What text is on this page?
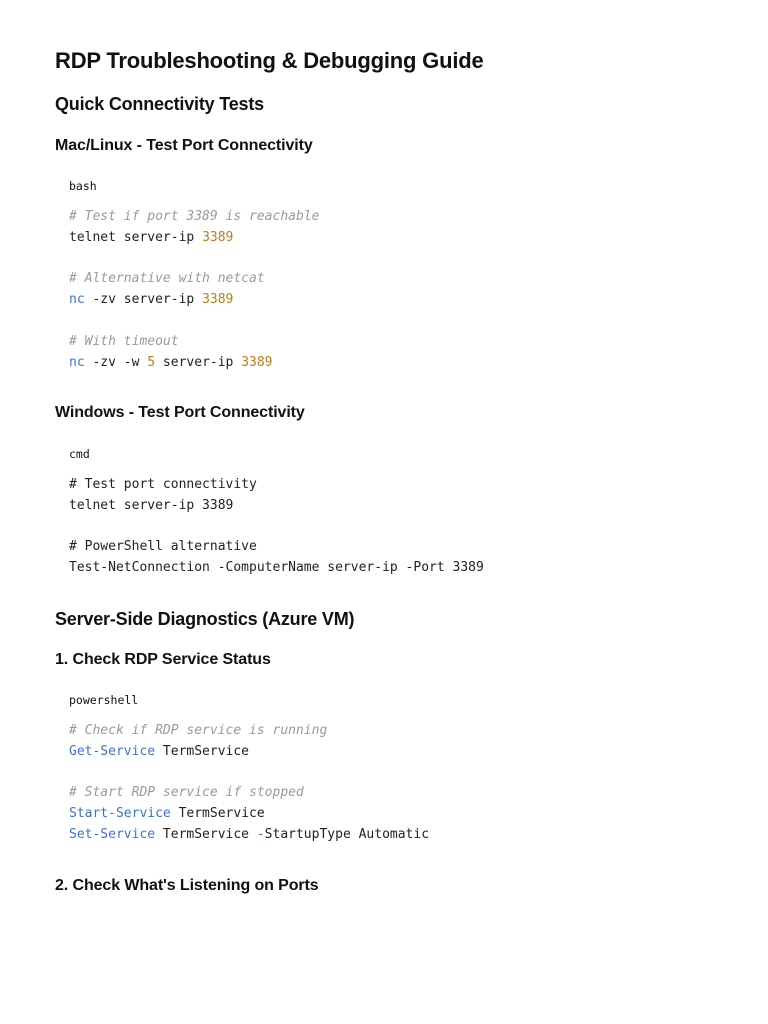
RDP Troubleshooting & Debugging Guide
Quick Connectivity Tests
Mac/Linux - Test Port Connectivity
bash
# Test if port 3389 is reachable
telnet server-ip 3389

# Alternative with netcat
nc -zv server-ip 3389

# With timeout
nc -zv -w 5 server-ip 3389
Windows - Test Port Connectivity
cmd
# Test port connectivity
telnet server-ip 3389

# PowerShell alternative
Test-NetConnection -ComputerName server-ip -Port 3389
Server-Side Diagnostics (Azure VM)
1. Check RDP Service Status
powershell
# Check if RDP service is running
Get-Service TermService

# Start RDP service if stopped
Start-Service TermService
Set-Service TermService -StartupType Automatic
2. Check What's Listening on Ports
